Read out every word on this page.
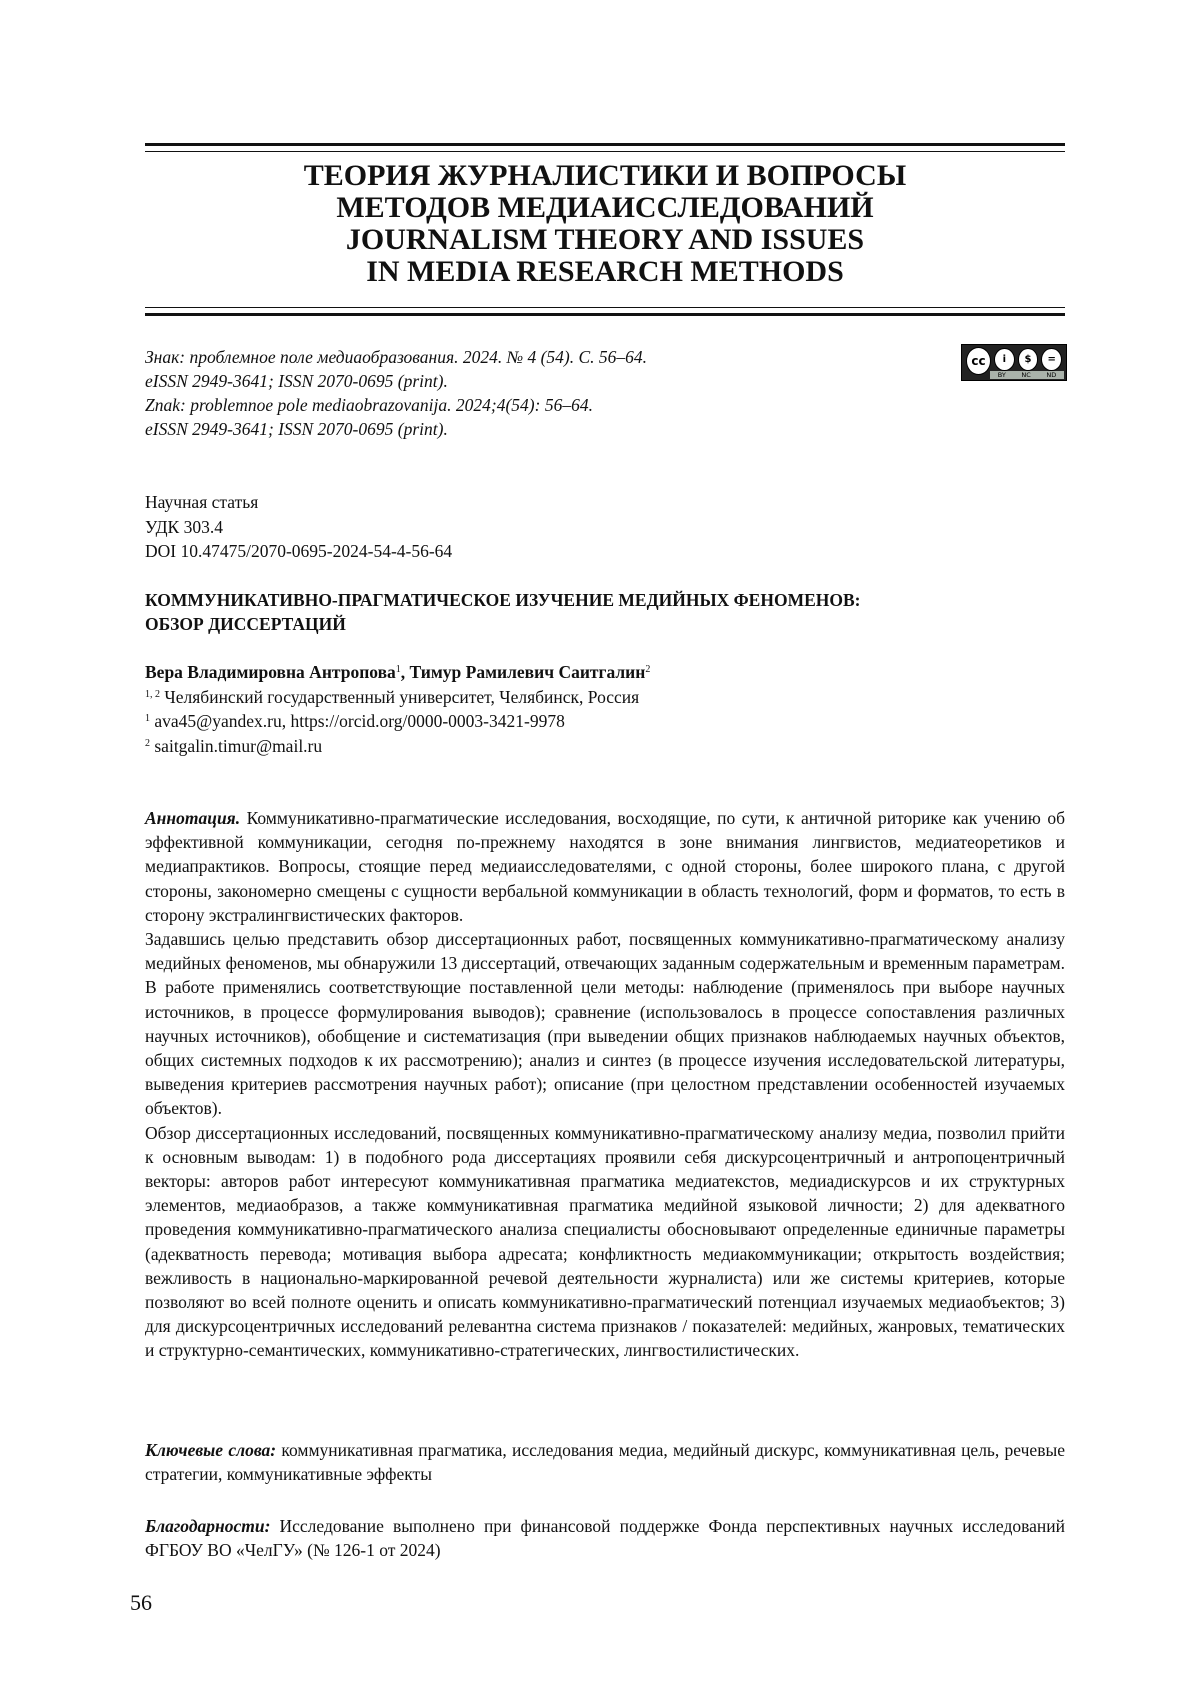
ТЕОРИЯ ЖУРНАЛИСТИКИ И ВОПРОСЫ
МЕТОДОВ МЕДИАИССЛЕДОВАНИЙ
JOURNALISM THEORY AND ISSUES
IN MEDIA RESEARCH METHODS
Знак: проблемное поле медиаобразования. 2024. № 4 (54). С. 56–64.
eISSN 2949-3641; ISSN 2070-0695 (print).
Znak: problemnoe pole mediaobrazovanija. 2024;4(54): 56–64.
eISSN 2949-3641; ISSN 2070-0695 (print).
cc	i	$	=
BY NC ND
Научная статья
УДК 303.4
DOI 10.47475/2070-0695-2024-54-4-56-64
КОММУНИКАТИВНО-ПРАГМАТИЧЕСКОЕ ИЗУЧЕНИЕ МЕДИЙНЫХ ФЕНОМЕНОВ:
ОБЗОР ДИССЕРТАЦИЙ
Вера Владимировна Антропова$^1$, Тимур Рамилевич Саитгалин$^2$
$^{1, 2}$ Челябинский государственный университет, Челябинск, Россия
$^1$ ava45@yandex.ru, https://orcid.org/0000-0003-3421-9978
$^2$ saitgalin.timur@mail.ru

Аннотация. Коммуникативно-прагматические исследования, восходящие, по сути, к античной риторике как учению об эффективной коммуникации, сегодня по-прежнему находятся в зоне внимания лингвистов, медиатеоретиков и медиапрактиков. Вопросы, стоящие перед медиаисследователями, с одной стороны, более широкого плана, с другой стороны, закономерно смещены с сущности вербальной коммуникации в область технологий, форм и форматов, то есть в сторону экстралингвистических факторов.

Задавшись целью представить обзор диссертационных работ, посвященных коммуникативно-прагматическому анализу медийных феноменов, мы обнаружили 13 диссертаций, отвечающих заданным содержательным и временным параметрам. В работе применялись соответствующие поставленной цели методы: наблюдение (применялось при выборе научных источников, в процессе формулирования выводов); сравнение (использовалось в процессе сопоставления различных научных источников), обобщение и систематизация (при выведении общих признаков наблюдаемых научных объектов, общих системных подходов к их рассмотрению); анализ и синтез (в процессе изучения исследовательской литературы, выведения критериев рассмотрения научных работ); описание (при целостном представлении особенностей изучаемых объектов).

Обзор диссертационных исследований, посвященных коммуникативно-прагматическому анализу медиа, позволил прийти к основным выводам: 1) в подобного рода диссертациях проявили себя дискурсоцентричный и антропоцентричный векторы: авторов работ интересуют коммуникативная прагматика медиатекстов, медиадискурсов и их структурных элементов, медиаобразов, а также коммуникативная прагматика медийной языковой личности; 2) для адекватного проведения коммуникативно-прагматического анализа специалисты обосновывают определенные единичные параметры (адекватность перевода; мотивация выбора адресата; конфликтность медиакоммуникации; открытость воздействия; вежливость в национально-маркированной речевой деятельности журналиста) или же системы критериев, которые позволяют во всей полноте оценить и описать коммуникативно-прагматический потенциал изучаемых медиаобъектов; 3) для дискурсоцентричных исследований релевантна система признаков / показателей: медийных, жанровых, тематических и структурно-семантических, коммуникативно-стратегических, лингвостилистических.

Ключевые слова: коммуникативная прагматика, исследования медиа, медийный дискурс, коммуникативная цель, речевые стратегии, коммуникативные эффекты
Благодарности: Исследование выполнено при финансовой поддержке Фонда перспективных научных исследований ФГБОУ ВО «ЧелГУ» (№ 126-1 от 2024)
56
